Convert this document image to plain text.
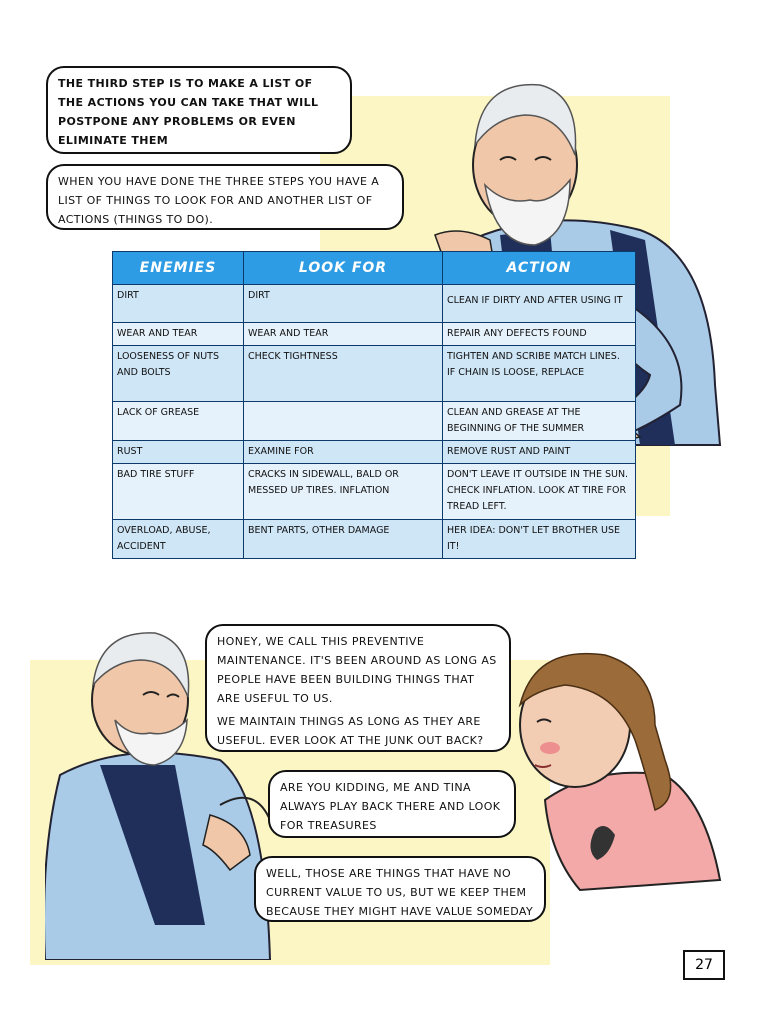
THE THIRD STEP IS TO MAKE A LIST OF THE ACTIONS YOU CAN TAKE THAT WILL POSTPONE ANY PROBLEMS OR EVEN ELIMINATE THEM

WHEN YOU HAVE DONE THE THREE STEPS YOU HAVE A LIST OF THINGS TO LOOK FOR AND ANOTHER LIST OF ACTIONS (THINGS TO DO).

ENEMIES	LOOK FOR	ACTION
DIRT	DIRT	CLEAN IF DIRTY AND AFTER USING IT
WEAR AND TEAR	WEAR AND TEAR	REPAIR ANY DEFECTS FOUND
LOOSENESS OF NUTS AND BOLTS	CHECK TIGHTNESS	TIGHTEN AND SCRIBE MATCH LINES. IF CHAIN IS LOOSE, REPLACE
LACK OF GREASE		CLEAN AND GREASE AT THE BEGINNING OF THE SUMMER
RUST	EXAMINE FOR	REMOVE RUST AND PAINT
BAD TIRE STUFF	CRACKS IN SIDEWALL, BALD OR MESSED UP TIRES. INFLATION	DON'T LEAVE IT OUTSIDE IN THE SUN. CHECK INFLATION. LOOK AT TIRE FOR TREAD LEFT.
OVERLOAD, ABUSE, ACCIDENT	BENT PARTS, OTHER DAMAGE	HER IDEA: DON'T LET BROTHER USE IT!

HONEY, WE CALL THIS PREVENTIVE MAINTENANCE. IT'S BEEN AROUND AS LONG AS PEOPLE HAVE BEEN BUILDING THINGS THAT ARE USEFUL TO US.

WE MAINTAIN THINGS AS LONG AS THEY ARE USEFUL. EVER LOOK AT THE JUNK OUT BACK?

ARE YOU KIDDING, ME AND TINA ALWAYS PLAY BACK THERE AND LOOK FOR TREASURES

WELL, THOSE ARE THINGS THAT HAVE NO CURRENT VALUE TO US, BUT WE KEEP THEM BECAUSE THEY MIGHT HAVE VALUE SOMEDAY

27
